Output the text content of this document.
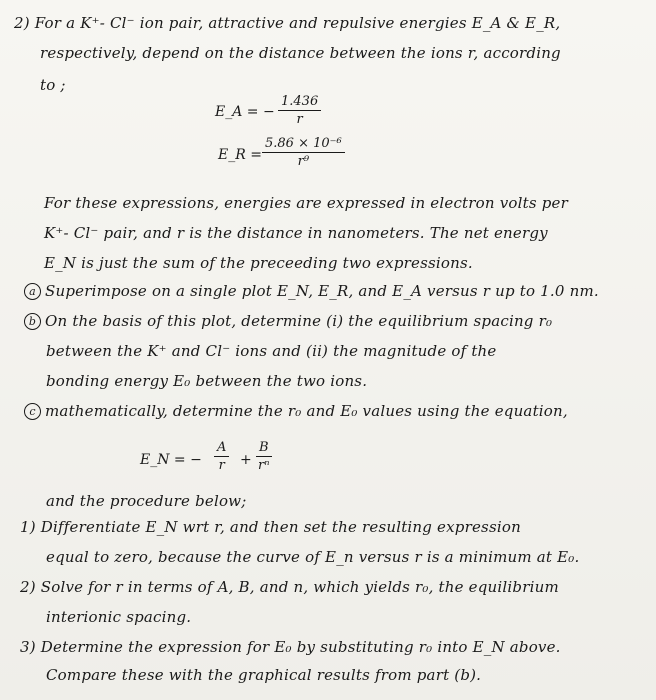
2) For a K⁺- Cl⁻ ion pair, attractive and repulsive energies E_A & E_R,
respectively, depend on the distance between the ions r, according
to ;
E_A = − $\frac{1.436}{r}$
E_R = $\frac{\text{5.86 × 10⁻⁶}}{\text{r⁹}}$
For these expressions, energies are expressed in electron volts per
K⁺- Cl⁻ pair, and r is the distance in nanometers. The net energy
E_N is just the sum of the preceeding two expressions.
a Superimpose on a single plot E_N, E_R, and E_A versus r up to 1.0 nm.
b On the basis of this plot, determine (i) the equilibrium spacing r₀
between the K⁺ and Cl⁻ ions and (ii) the magnitude of the
bonding energy E₀ between the two ions.
c mathematically, determine the r₀ and E₀ values using the equation,
E_N = − $\frac{A}{r} + \frac{B}{\text{rⁿ}}$
and the procedure below;
1) Differentiate E_N wrt r, and then set the resulting expression
equal to zero, because the curve of E_n versus r is a minimum at E₀.
2) Solve for r in terms of A, B, and n, which yields r₀, the equilibrium
interionic spacing.
3) Determine the expression for E₀ by substituting r₀ into E_N above.
Compare these with the graphical results from part (b).
